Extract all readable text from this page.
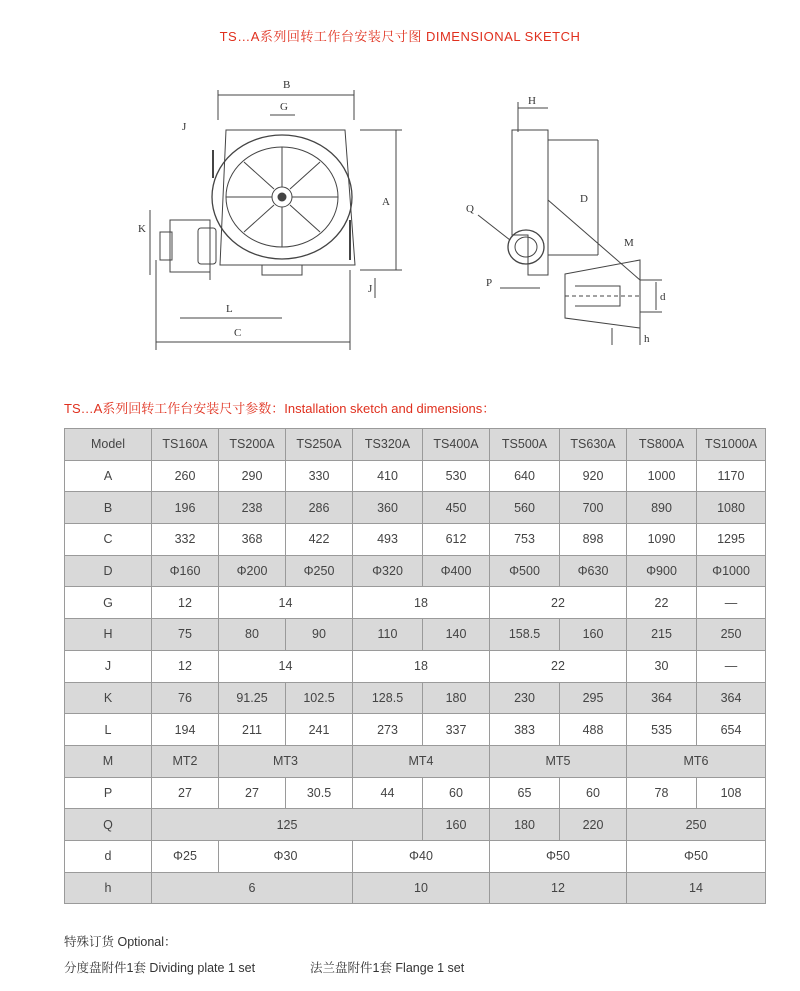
TS…A系列回转工作台安装尺寸图 DIMENSIONAL SKETCH
B
G
J
K
A
L
C
J
H
D
Q
M
P
d
h
TS…A系列回转工作台安装尺寸参数：Installation sketch and dimensions：
Model	TS160A	TS200A	TS250A	TS320A	TS400A	TS500A	TS630A	TS800A	TS1000A
A	260	290	330	410	530	640	920	1000	1170
B	196	238	286	360	450	560	700	890	1080
C	332	368	422	493	612	753	898	1090	1295
D	Φ160	Φ200	Φ250	Φ320	Φ400	Φ500	Φ630	Φ900	Φ1000
G	12	14		18		22		22	—
H	75	80	90	110	140	158.5	160	215	250
J	12	14		18		22		30	—
K	76	91.25	102.5	128.5	180	230	295	364	364
L	194	211	241	273	337	383	488	535	654
M	MT2	MT3		MT4		MT5		MT6	
P	27	27	30.5	44	60	65	60	78	108
Q	125				160	180	220	250	
d	Φ25	Φ30		Φ40		Φ50		Φ50	
h	6			10		12		14	
特殊订货 Optional：
分度盘附件1套 Dividing plate 1 set	法兰盘附件1套 Flange 1 set
